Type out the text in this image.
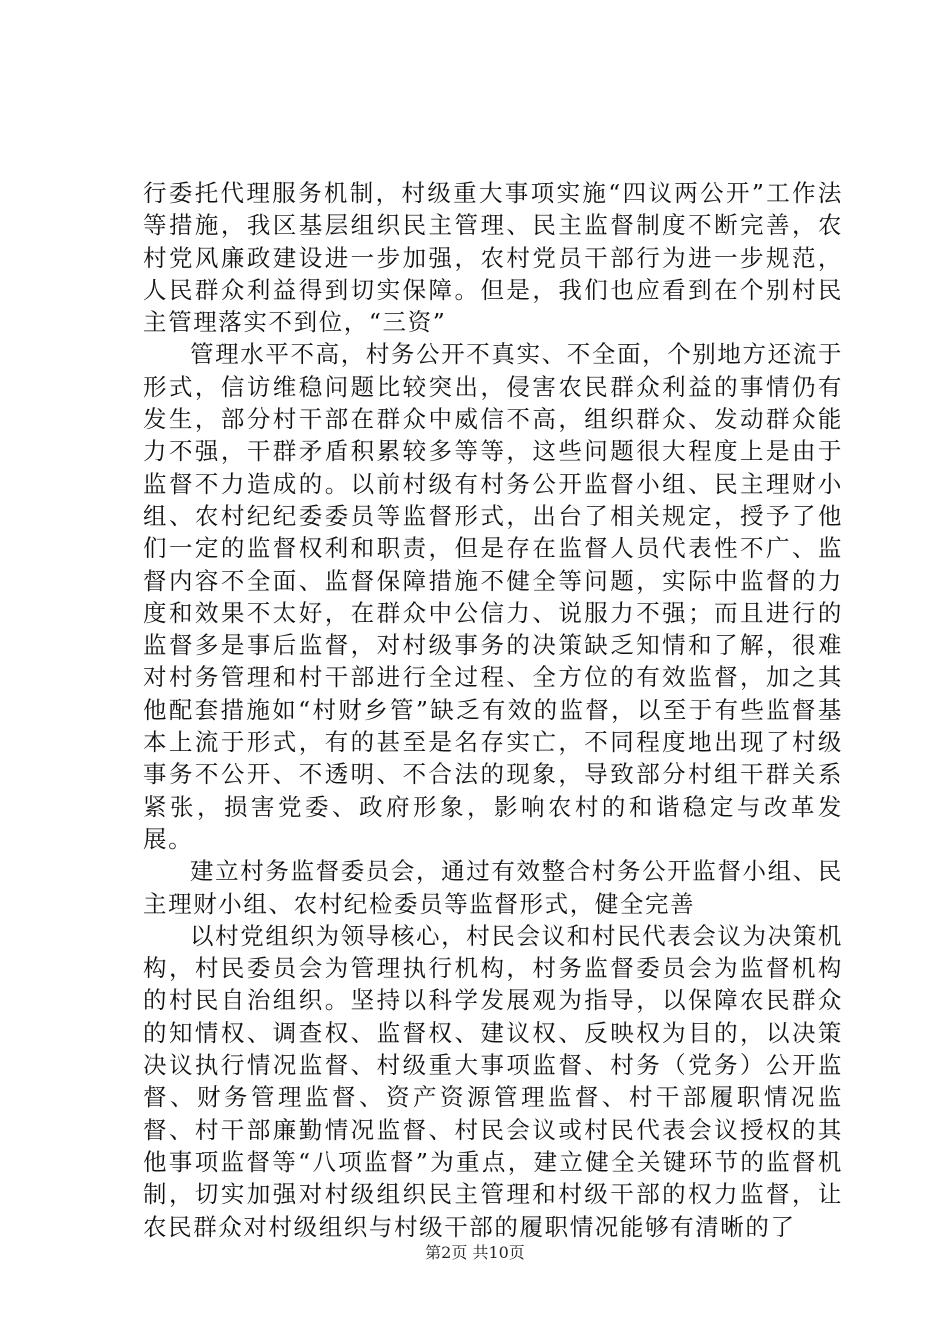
行委托代理服务机制，村级重大事项实施“四议两公开”工作法等措施，我区基层组织民主管理、民主监督制度不断完善，农村党风廉政建设进一步加强，农村党员干部行为进一步规范，人民群众利益得到切实保障。但是，我们也应看到在个别村民主管理落实不到位，“三资”

管理水平不高，村务公开不真实、不全面，个别地方还流于形式，信访维稳问题比较突出，侵害农民群众利益的事情仍有发生，部分村干部在群众中威信不高，组织群众、发动群众能力不强，干群矛盾积累较多等等，这些问题很大程度上是由于监督不力造成的。以前村级有村务公开监督小组、民主理财小组、农村纪纪委委员等监督形式，出台了相关规定，授予了他们一定的监督权利和职责，但是存在监督人员代表性不广、监督内容不全面、监督保障措施不健全等问题，实际中监督的力度和效果不太好，在群众中公信力、说服力不强；而且进行的监督多是事后监督，对村级事务的决策缺乏知情和了解，很难对村务管理和村干部进行全过程、全方位的有效监督，加之其他配套措施如“村财乡管”缺乏有效的监督，以至于有些监督基本上流于形式，有的甚至是名存实亡，不同程度地出现了村级事务不公开、不透明、不合法的现象，导致部分村组干群关系紧张，损害党委、政府形象，影响农村的和谐稳定与改革发展。

建立村务监督委员会，通过有效整合村务公开监督小组、民主理财小组、农村纪检委员等监督形式，健全完善

以村党组织为领导核心，村民会议和村民代表会议为决策机构，村民委员会为管理执行机构，村务监督委员会为监督机构的村民自治组织。坚持以科学发展观为指导，以保障农民群众的知情权、调查权、监督权、建议权、反映权为目的，以决策决议执行情况监督、村级重大事项监督、村务（党务）公开监督、财务管理监督、资产资源管理监督、村干部履职情况监督、村干部廉勤情况监督、村民会议或村民代表会议授权的其他事项监督等“八项监督”为重点，建立健全关键环节的监督机制，切实加强对村级组织民主管理和村级干部的权力监督，让农民群众对村级组织与村级干部的履职情况能够有清晰的了

第2页 共10页
